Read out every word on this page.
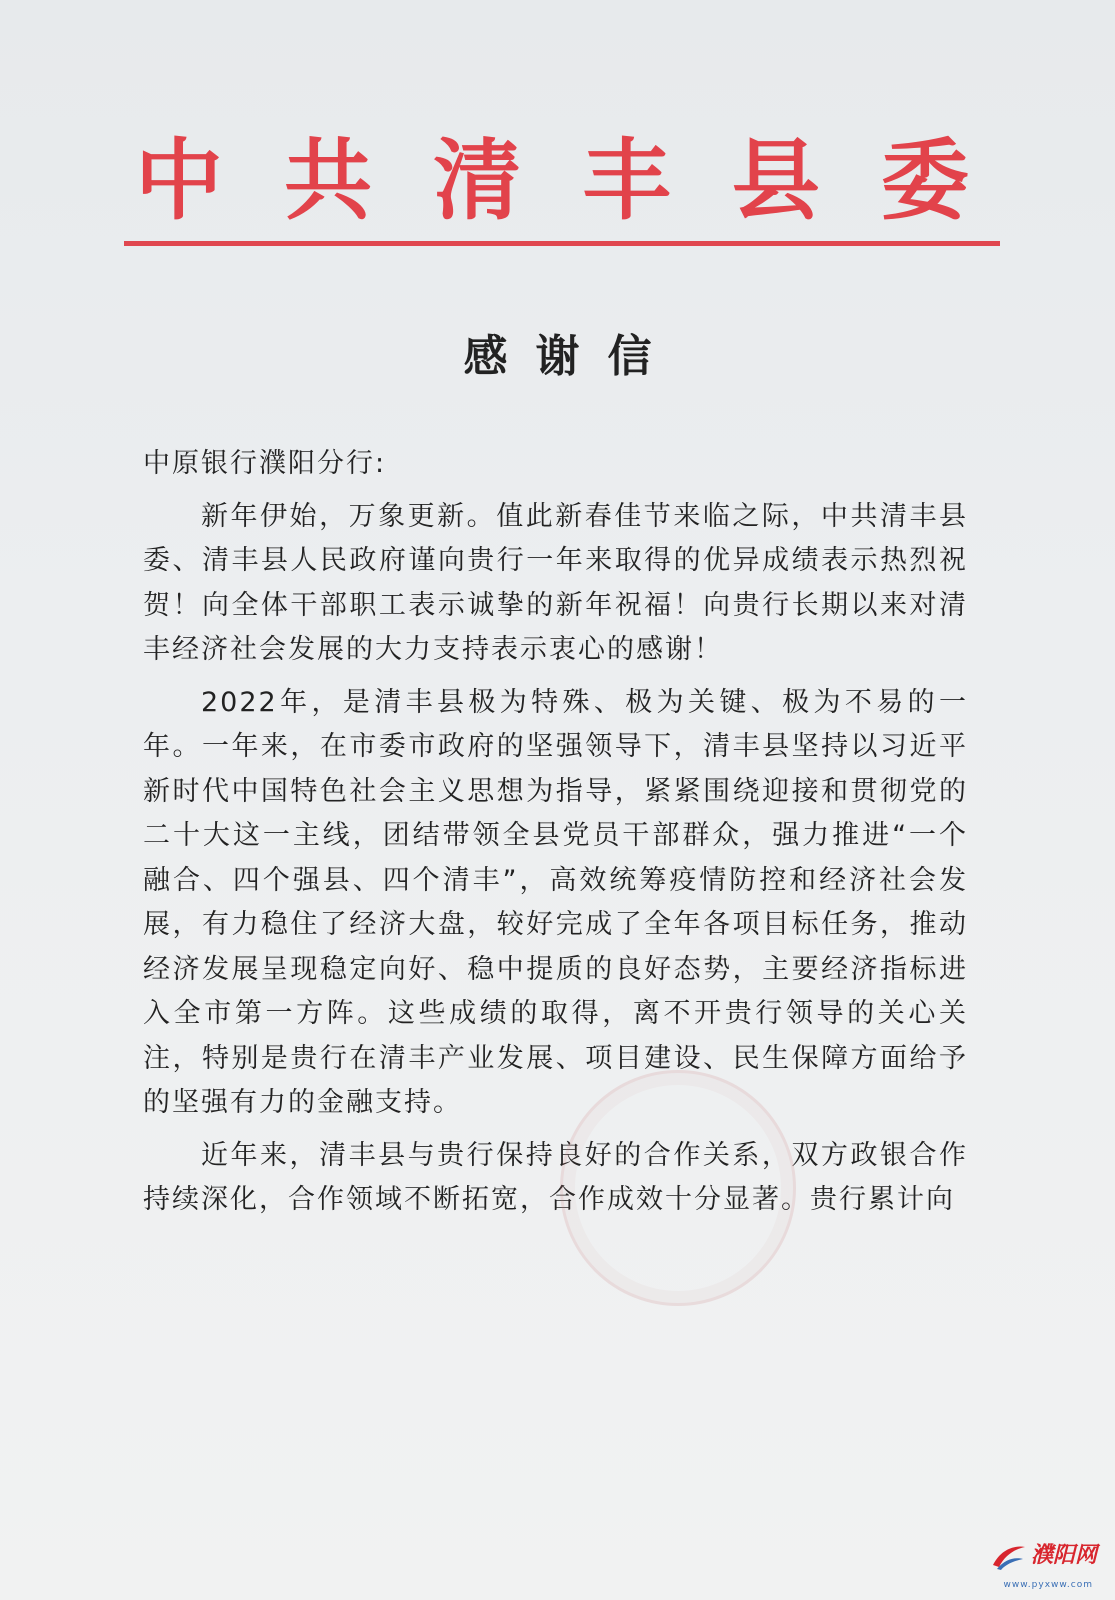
中 共 清 丰 县 委
感谢信

中原银行濮阳分行:

新年伊始，万象更新。值此新春佳节来临之际，中共清丰县委、清丰县人民政府谨向贵行一年来取得的优异成绩表示热烈祝贺！向全体干部职工表示诚挚的新年祝福！向贵行长期以来对清丰经济社会发展的大力支持表示衷心的感谢！

2022年，是清丰县极为特殊、极为关键、极为不易的一年。一年来，在市委市政府的坚强领导下，清丰县坚持以习近平新时代中国特色社会主义思想为指导，紧紧围绕迎接和贯彻党的二十大这一主线，团结带领全县党员干部群众，强力推进“一个融合、四个强县、四个清丰”，高效统筹疫情防控和经济社会发展，有力稳住了经济大盘，较好完成了全年各项目标任务，推动经济发展呈现稳定向好、稳中提质的良好态势，主要经济指标进入全市第一方阵。这些成绩的取得，离不开贵行领导的关心关注，特别是贵行在清丰产业发展、项目建设、民生保障方面给予的坚强有力的金融支持。

近年来，清丰县与贵行保持良好的合作关系，双方政银合作持续深化，合作领域不断拓宽，合作成效十分显著。贵行累计向

濮阳网
www.pyxww.com
